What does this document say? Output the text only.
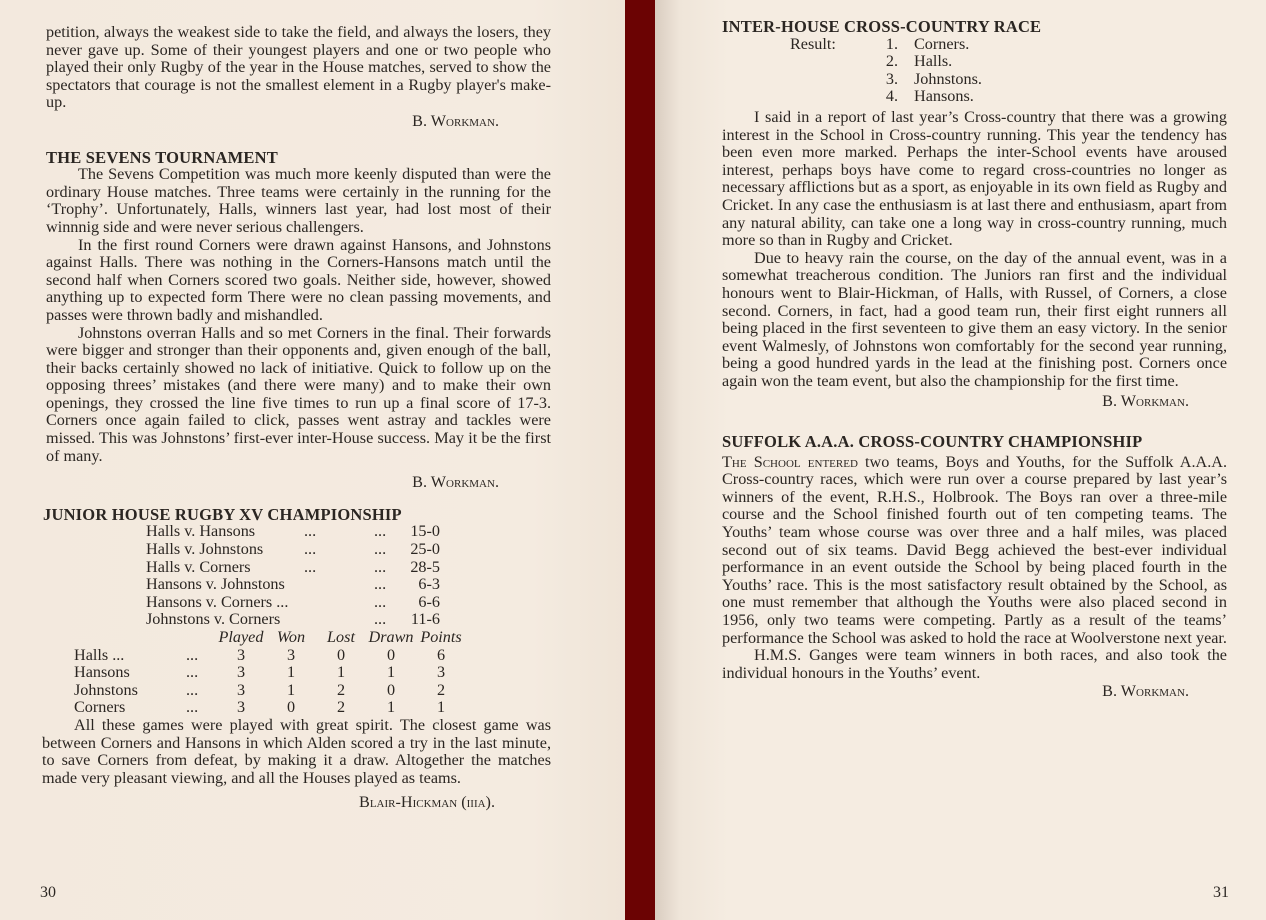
petition, always the weakest side to take the field, and always the losers, they never gave up. Some of their youngest players and one or two people who played their only Rugby of the year in the House matches, served to show the spectators that courage is not the smallest element in a Rugby player's make-up.

B. Workman.
THE SEVENS TOURNAMENT

The Sevens Competition was much more keenly disputed than were the ordinary House matches. Three teams were certainly in the running for the ‘Trophy’. Unfortunately, Halls, winners last year, had lost most of their winnnig side and were never serious challengers.

In the first round Corners were drawn against Hansons, and Johnstons against Halls. There was nothing in the Corners-Hansons match until the second half when Corners scored two goals. Neither side, however, showed anything up to expected form There were no clean passing movements, and passes were thrown badly and mishandled.

Johnstons overran Halls and so met Corners in the final. Their forwards were bigger and stronger than their opponents and, given enough of the ball, their backs certainly showed no lack of initiative. Quick to follow up on the opposing threes’ mistakes (and there were many) and to make their own openings, they crossed the line five times to run up a final score of 17-3. Corners once again failed to click, passes went astray and tackles were missed. This was Johnstons’ first-ever inter-House success. May it be the first of many.

B. Workman.
JUNIOR HOUSE RUGBY XV CHAMPIONSHIP
Halls v. Hansons	...	...	15-0
Halls v. Johnstons	...	...	25-0
Halls v. Corners	...	...	28-5
Hansons v. Johnstons	...	6-3
Hansons v. Corners ...	...	6-6
Johnstons v. Corners	...	11-6
		Played	Won	Lost	Drawn	Points
Halls ...	...	3	3	0	0	6
Hansons	...	3	1	1	1	3
Johnstons	...	3	1	2	0	2
Corners	...	3	0	2	1	1

All these games were played with great spirit. The closest game was between Corners and Hansons in which Alden scored a try in the last minute, to save Corners from defeat, by making it a draw. Altogether the matches made very pleasant viewing, and all the Houses played as teams.

Blair-Hickman (iiia).
30
INTER-HOUSE CROSS-COUNTRY RACE
Result:	1. Corners.
2. Halls.
3. Johnstons.
4. Hansons.

I said in a report of last year’s Cross-country that there was a growing interest in the School in Cross-country running. This year the tendency has been even more marked. Perhaps the inter-School events have aroused interest, perhaps boys have come to regard cross-countries no longer as necessary afflictions but as a sport, as enjoyable in its own field as Rugby and Cricket. In any case the enthusiasm is at last there and enthusiasm, apart from any natural ability, can take one a long way in cross-country running, much more so than in Rugby and Cricket.

Due to heavy rain the course, on the day of the annual event, was in a somewhat treacherous condition. The Juniors ran first and the individual honours went to Blair-Hickman, of Halls, with Russel, of Corners, a close second. Corners, in fact, had a good team run, their first eight runners all being placed in the first seventeen to give them an easy victory. In the senior event Walmesly, of Johnstons won comfortably for the second year running, being a good hundred yards in the lead at the finishing post. Corners once again won the team event, but also the championship for the first time.

B. Workman.
SUFFOLK A.A.A. CROSS-COUNTRY CHAMPIONSHIP

The School entered two teams, Boys and Youths, for the Suffolk A.A.A. Cross-country races, which were run over a course prepared by last year’s winners of the event, R.H.S., Holbrook. The Boys ran over a three-mile course and the School finished fourth out of ten competing teams. The Youths’ team whose course was over three and a half miles, was placed second out of six teams. David Begg achieved the best-ever individual performance in an event outside the School by being placed fourth in the Youths’ race. This is the most satisfactory result obtained by the School, as one must remember that although the Youths were also placed second in 1956, only two teams were competing. Partly as a result of the teams’ performance the School was asked to hold the race at Woolverstone next year.

H.M.S. Ganges were team winners in both races, and also took the individual honours in the Youths’ event.

B. Workman.
31
